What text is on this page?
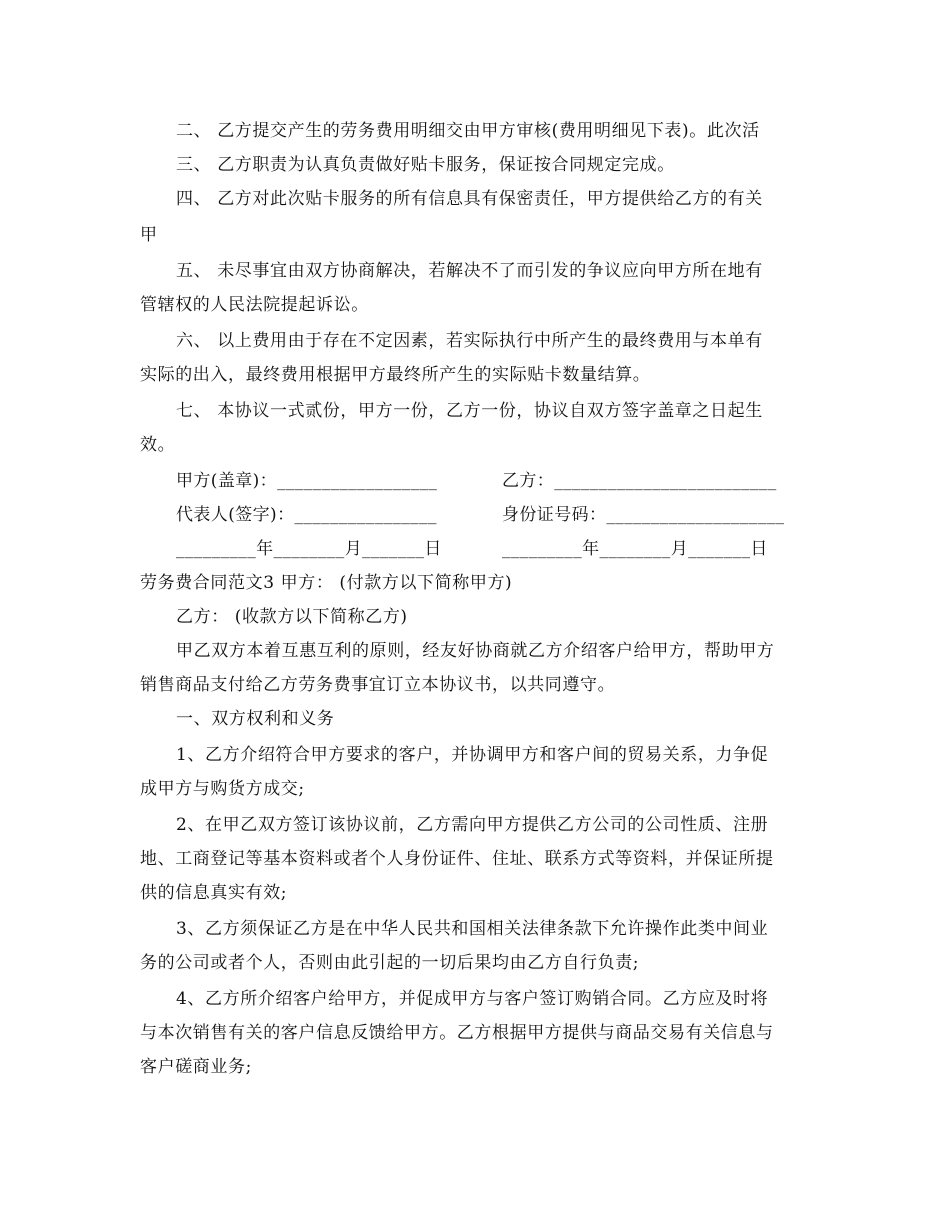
二、 乙方提交产生的劳务费用明细交由甲方审核(费用明细见下表)。此次活
三、 乙方职责为认真负责做好贴卡服务，保证按合同规定完成。
四、 乙方对此次贴卡服务的所有信息具有保密责任，甲方提供给乙方的有关
甲
五、 未尽事宜由双方协商解决，若解决不了而引发的争议应向甲方所在地有
管辖权的人民法院提起诉讼。
六、 以上费用由于存在不定因素，若实际执行中所产生的最终费用与本单有
实际的出入，最终费用根据甲方最终所产生的实际贴卡数量结算。
七、 本协议一式贰份，甲方一份，乙方一份，协议自双方签字盖章之日起生
效。
甲方(盖章)：__________________	乙方：_________________________
代表人(签字)：________________	身份证号码：____________________
_________年________月_______日	_________年________月_______日
劳务费合同范文3 甲方： (付款方以下简称甲方)
乙方： (收款方以下简称乙方)
甲乙双方本着互惠互利的原则，经友好协商就乙方介绍客户给甲方，帮助甲方
销售商品支付给乙方劳务费事宜订立本协议书，以共同遵守。
一、双方权利和义务
1、乙方介绍符合甲方要求的客户，并协调甲方和客户间的贸易关系，力争促
成甲方与购货方成交;
2、在甲乙双方签订该协议前，乙方需向甲方提供乙方公司的公司性质、注册
地、工商登记等基本资料或者个人身份证件、住址、联系方式等资料，并保证所提
供的信息真实有效;
3、乙方须保证乙方是在中华人民共和国相关法律条款下允许操作此类中间业
务的公司或者个人，否则由此引起的一切后果均由乙方自行负责;
4、乙方所介绍客户给甲方，并促成甲方与客户签订购销合同。乙方应及时将
与本次销售有关的客户信息反馈给甲方。乙方根据甲方提供与商品交易有关信息与
客户磋商业务;
